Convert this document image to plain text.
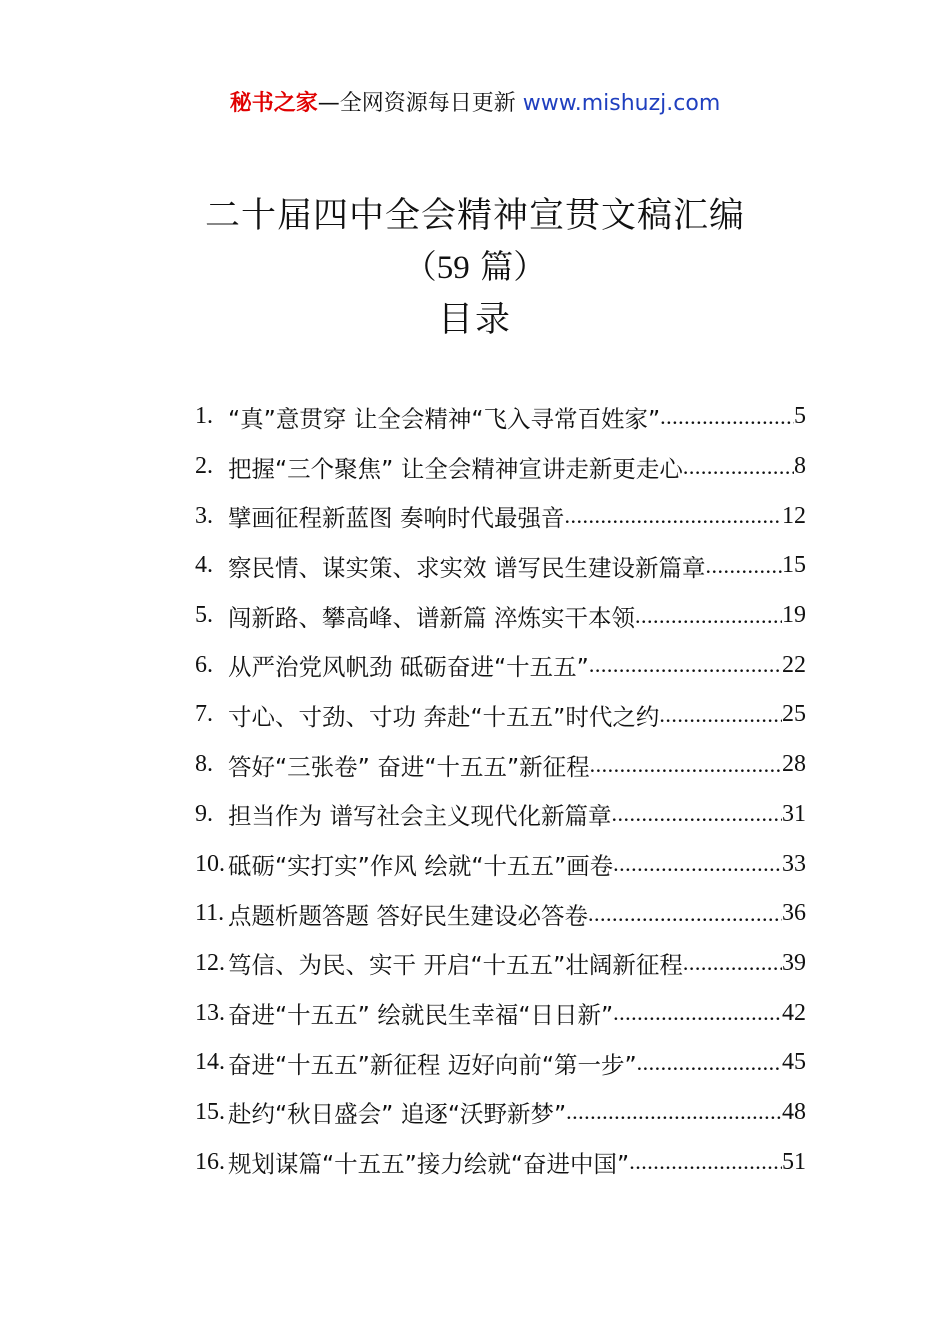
秘书之家—全网资源每日更新 www.mishuzj.com
二十届四中全会精神宣贯文稿汇编
（59 篇）
目录
1. “真”意贯穿 让全会精神“飞入寻常百姓家” .....	5
2. 把握“三个聚焦” 让全会精神宣讲走新更走心 .....	8
3. 擘画征程新蓝图 奏响时代最强音 .....	12
4. 察民情、谋实策、求实效 谱写民生建设新篇章 .....	15
5. 闯新路、攀高峰、谱新篇 淬炼实干本领 .....	19
6. 从严治党风帆劲 砥砺奋进“十五五” .....	22
7. 寸心、寸劲、寸功 奔赴“十五五”时代之约 .....	25
8. 答好“三张卷” 奋进“十五五”新征程 .....	28
9. 担当作为 谱写社会主义现代化新篇章 .....	31
10. 砥砺“实打实”作风 绘就“十五五”画卷 .....	33
11. 点题析题答题 答好民生建设必答卷 .....	36
12. 笃信、为民、实干 开启“十五五”壮阔新征程 .....	39
13. 奋进“十五五” 绘就民生幸福“日日新” .....	42
14. 奋进“十五五”新征程 迈好向前“第一步” .....	45
15. 赴约“秋日盛会” 追逐“沃野新梦” .....	48
16. 规划谋篇“十五五”接力绘就“奋进中国” .....	51
